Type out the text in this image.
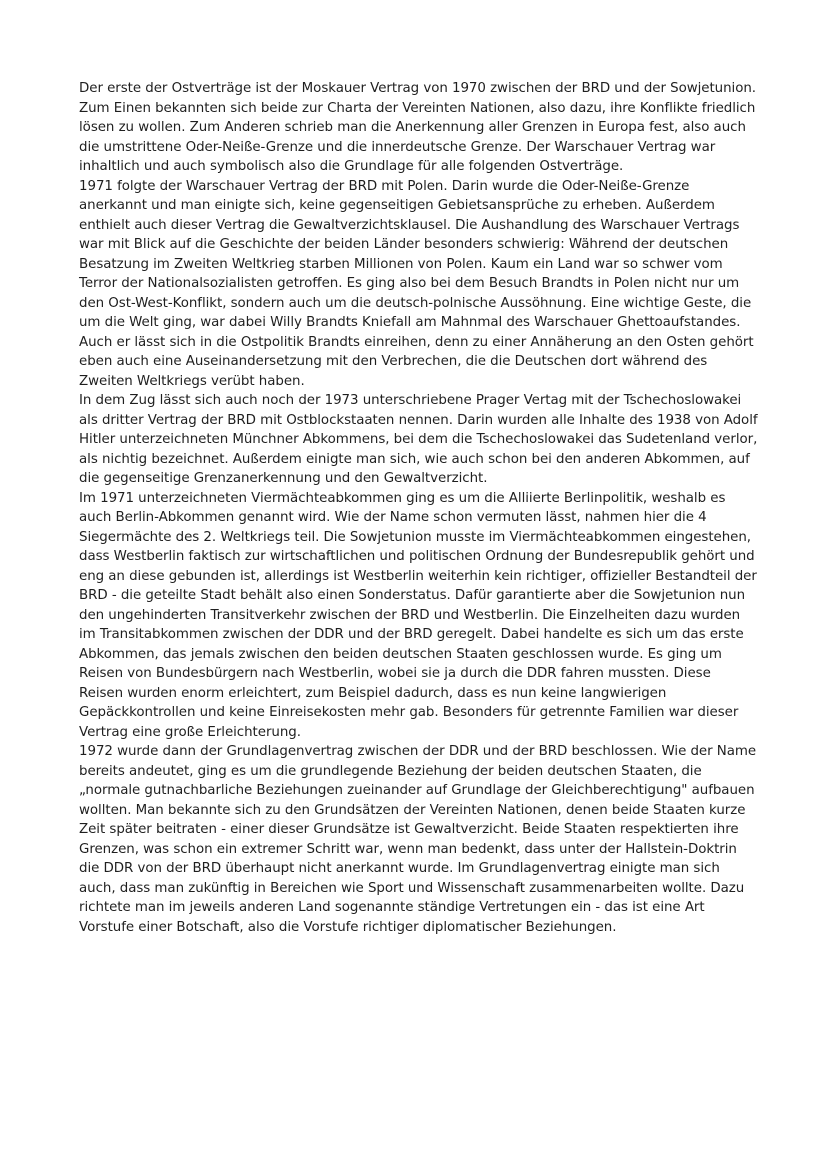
Der erste der Ostverträge ist der Moskauer Vertrag von 1970 zwischen der BRD und der Sowjetunion. Zum Einen bekannten sich beide zur Charta der Vereinten Nationen, also dazu, ihre Konflikte friedlich lösen zu wollen. Zum Anderen schrieb man die Anerkennung aller Grenzen in Europa fest, also auch die umstrittene Oder-Neiße-Grenze und die innerdeutsche Grenze. Der Warschauer Vertrag war inhaltlich und auch symbolisch also die Grundlage für alle folgenden Ostverträge.

1971 folgte der Warschauer Vertrag der BRD mit Polen. Darin wurde die Oder-Neiße-Grenze anerkannt und man einigte sich, keine gegenseitigen Gebietsansprüche zu erheben. Außerdem enthielt auch dieser Vertrag die Gewaltverzichtsklausel. Die Aushandlung des Warschauer Vertrags war mit Blick auf die Geschichte der beiden Länder besonders schwierig: Während der deutschen Besatzung im Zweiten Weltkrieg starben Millionen von Polen. Kaum ein Land war so schwer vom Terror der Nationalsozialisten getroffen. Es ging also bei dem Besuch Brandts in Polen nicht nur um den Ost-West-Konflikt, sondern auch um die deutsch-polnische Aussöhnung. Eine wichtige Geste, die um die Welt ging, war dabei Willy Brandts Kniefall am Mahnmal des Warschauer Ghettoaufstandes. Auch er lässt sich in die Ostpolitik Brandts einreihen, denn zu einer Annäherung an den Osten gehört eben auch eine Auseinandersetzung mit den Verbrechen, die die Deutschen dort während des Zweiten Weltkriegs verübt haben.

In dem Zug lässt sich auch noch der 1973 unterschriebene Prager Vertag mit der Tschechoslowakei als dritter Vertrag der BRD mit Ostblockstaaten nennen. Darin wurden alle Inhalte des 1938 von Adolf Hitler unterzeichneten Münchner Abkommens, bei dem die Tschechoslowakei das Sudetenland verlor, als nichtig bezeichnet. Außerdem einigte man sich, wie auch schon bei den anderen Abkommen, auf die gegenseitige Grenzanerkennung und den Gewaltverzicht.

Im 1971 unterzeichneten Viermächteabkommen ging es um die Alliierte Berlinpolitik, weshalb es auch Berlin-Abkommen genannt wird. Wie der Name schon vermuten lässt, nahmen hier die 4 Siegermächte des 2. Weltkriegs teil. Die Sowjetunion musste im Viermächteabkommen eingestehen, dass Westberlin faktisch zur wirtschaftlichen und politischen Ordnung der Bundesrepublik gehört und eng an diese gebunden ist, allerdings ist Westberlin weiterhin kein richtiger, offizieller Bestandteil der BRD - die geteilte Stadt behält also einen Sonderstatus. Dafür garantierte aber die Sowjetunion nun den ungehinderten Transitverkehr zwischen der BRD und Westberlin. Die Einzelheiten dazu wurden im Transitabkommen zwischen der DDR und der BRD geregelt. Dabei handelte es sich um das erste Abkommen, das jemals zwischen den beiden deutschen Staaten geschlossen wurde. Es ging um Reisen von Bundesbürgern nach Westberlin, wobei sie ja durch die DDR fahren mussten. Diese Reisen wurden enorm erleichtert, zum Beispiel dadurch, dass es nun keine langwierigen Gepäckkontrollen und keine Einreisekosten mehr gab. Besonders für getrennte Familien war dieser Vertrag eine große Erleichterung.

1972 wurde dann der Grundlagenvertrag zwischen der DDR und der BRD beschlossen. Wie der Name bereits andeutet, ging es um die grundlegende Beziehung der beiden deutschen Staaten, die „normale gutnachbarliche Beziehungen zueinander auf Grundlage der Gleichberechtigung" aufbauen wollten. Man bekannte sich zu den Grundsätzen der Vereinten Nationen, denen beide Staaten kurze Zeit später beitraten - einer dieser Grundsätze ist Gewaltverzicht. Beide Staaten respektierten ihre Grenzen, was schon ein extremer Schritt war, wenn man bedenkt, dass unter der Hallstein-Doktrin die DDR von der BRD überhaupt nicht anerkannt wurde. Im Grundlagenvertrag einigte man sich auch, dass man zukünftig in Bereichen wie Sport und Wissenschaft zusammenarbeiten wollte. Dazu richtete man im jeweils anderen Land sogenannte ständige Vertretungen ein - das ist eine Art Vorstufe einer Botschaft, also die Vorstufe richtiger diplomatischer Beziehungen.
